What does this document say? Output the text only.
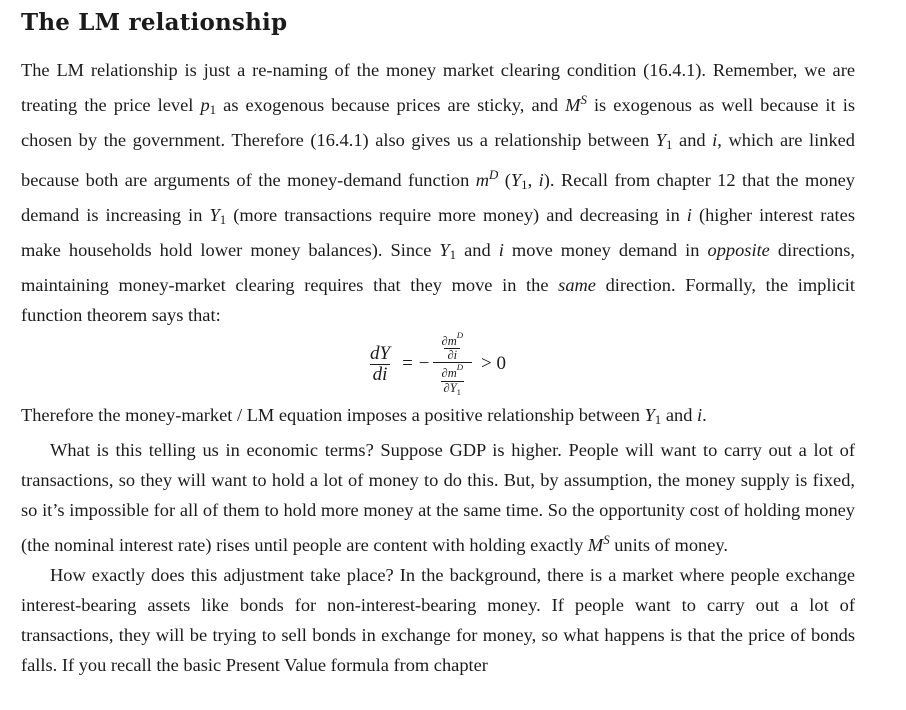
The LM relationship

The LM relationship is just a re-naming of the money market clearing condition (16.4.1). Remember, we are treating the price level $p_1$ as exogenous because prices are sticky, and $M^S$ is exogenous as well because it is chosen by the government. Therefore (16.4.1) also gives us a relationship between $Y_1$ and i, which are linked because both are arguments of the money-demand function $m^D$ ($Y_1$, i). Recall from chapter 12 that the money demand is increasing in $Y_1$ (more transactions require more money) and decreasing in i (higher interest rates make households hold lower money balances). Since $Y_1$ and i move money demand in opposite directions, maintaining money-market clearing requires that they move in the same direction. Formally, the implicit function theorem says that:

$\frac{dY}{di}$ = − $\frac{\frac{\partial m^D}{\partial i}}{\frac{\partial m^D}{\partial Y_1}} > 0$

Therefore the money-market / LM equation imposes a positive relationship between $Y_1$ and i.

What is this telling us in economic terms? Suppose GDP is higher. People will want to carry out a lot of transactions, so they will want to hold a lot of money to do this. But, by assumption, the money supply is fixed, so it’s impossible for all of them to hold more money at the same time. So the opportunity cost of holding money (the nominal interest rate) rises until people are content with holding exactly $M^S$ units of money.

How exactly does this adjustment take place? In the background, there is a market where people exchange interest-bearing assets like bonds for non-interest-bearing money. If people want to carry out a lot of transactions, they will be trying to sell bonds in exchange for money, so what happens is that the price of bonds falls. If you recall the basic Present Value formula from chapter
